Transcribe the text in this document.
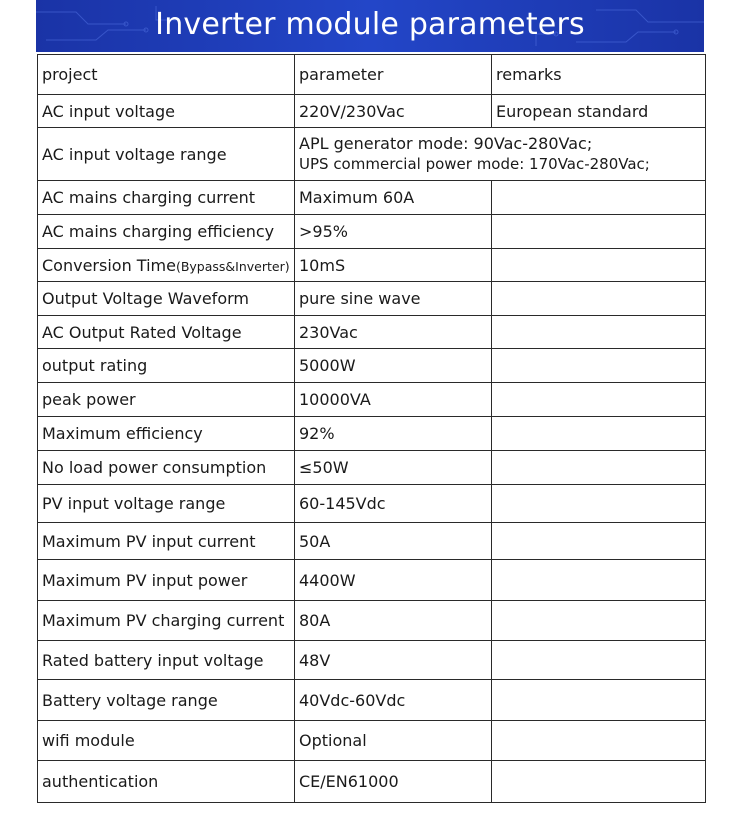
Inverter module parameters
project	parameter	remarks
AC input voltage	220V/230Vac	European standard
AC input voltage range	APL generator mode: 90Vac-280Vac;
UPS commercial power mode: 170Vac-280Vac;	

AC mains charging current	Maximum 60A	
AC mains charging efficiency	>95%	
Conversion Time(Bypass&Inverter)	10mS	
Output Voltage Waveform	pure sine wave	
AC Output Rated Voltage	230Vac	
output rating	5000W	
peak power	10000VA	
Maximum efficiency	92%	
No load power consumption	≤50W	
PV input voltage range	60-145Vdc	
Maximum PV input current	50A	
Maximum PV input power	4400W	
Maximum PV charging current	80A	
Rated battery input voltage	48V	
Battery voltage range	40Vdc-60Vdc	
wifi module	Optional	
authentication	CE/EN61000	
